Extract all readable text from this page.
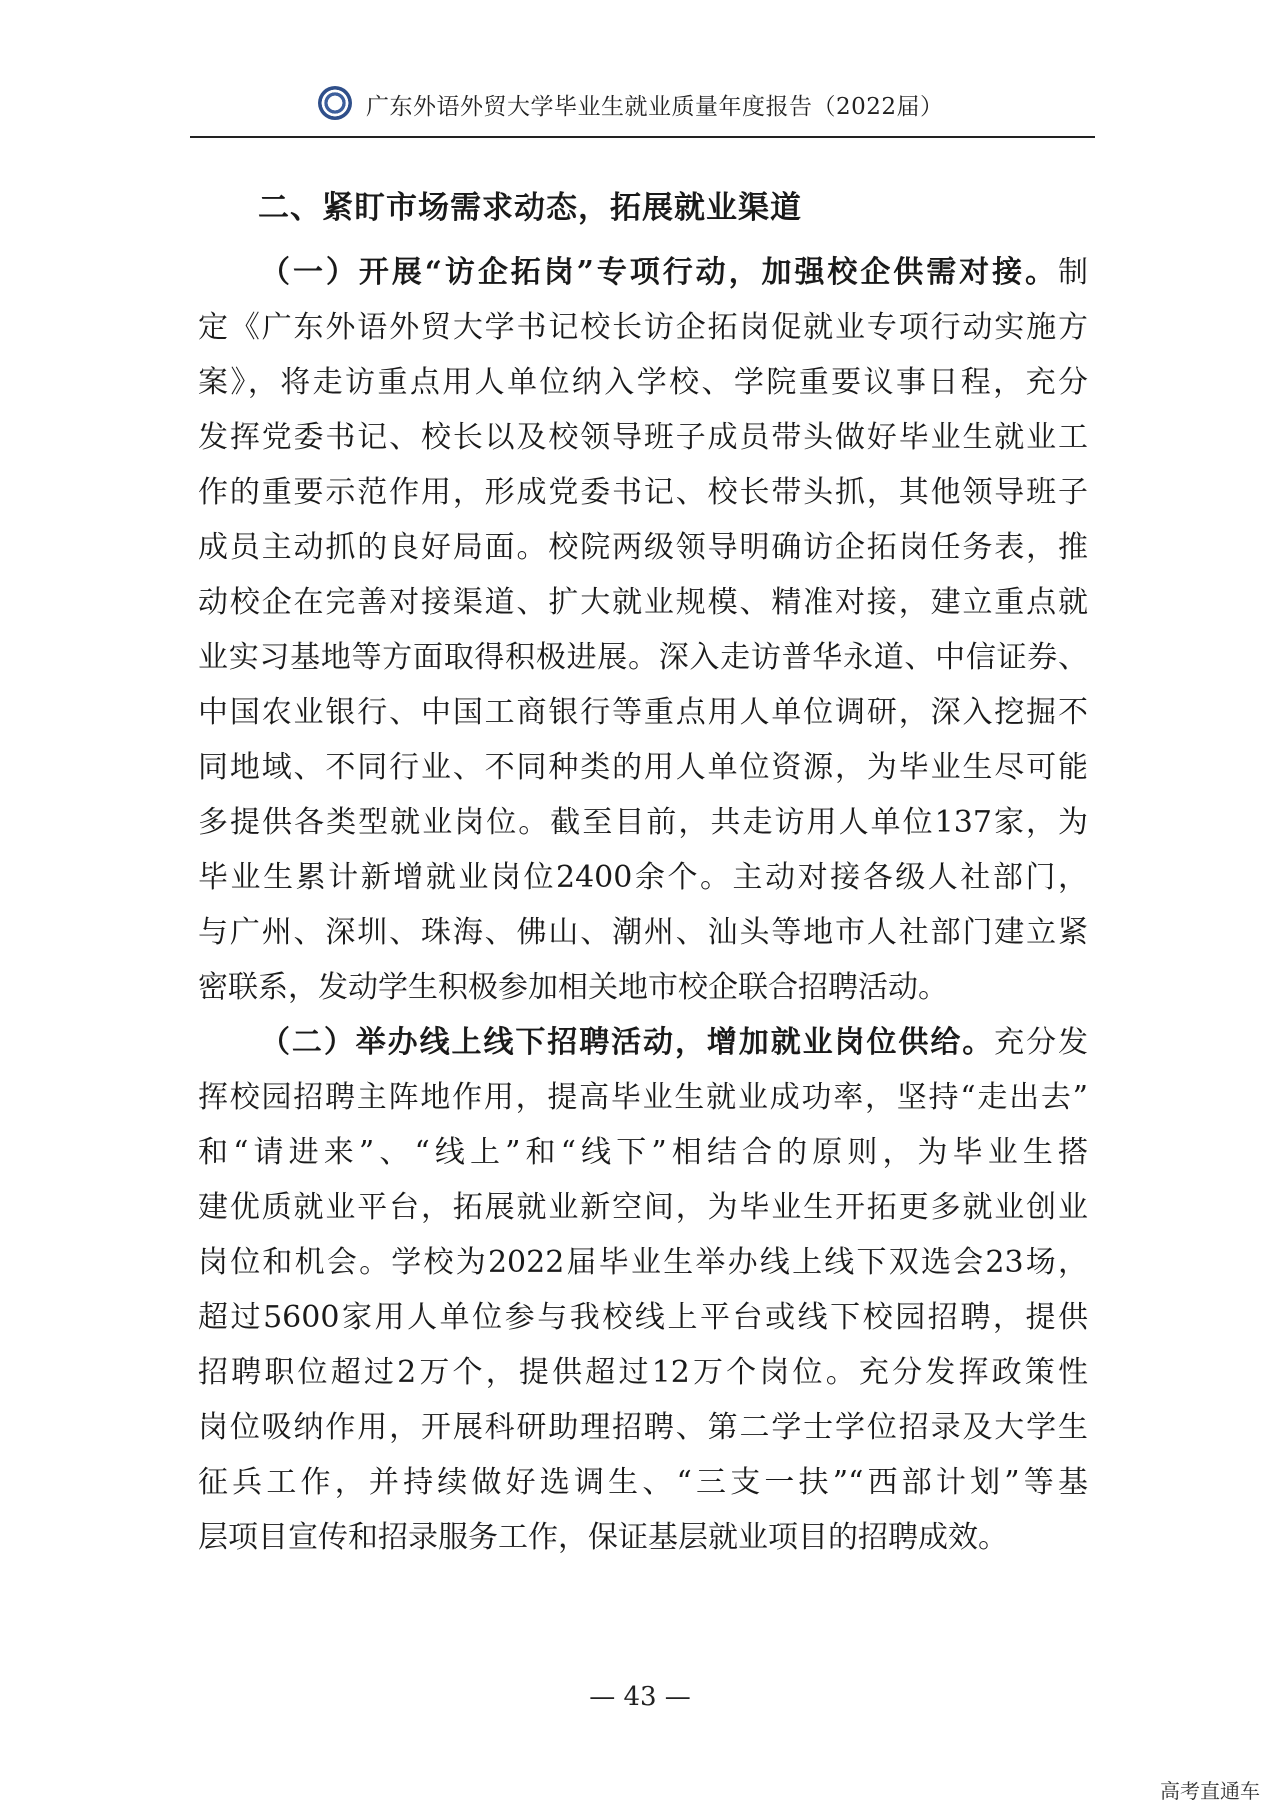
广东外语外贸大学毕业生就业质量年度报告（2022届）
二、紧盯市场需求动态，拓展就业渠道

（一）开展“访企拓岗”专项行动，加强校企供需对接。制
定《广东外语外贸大学书记校长访企拓岗促就业专项行动实施方
案》，将走访重点用人单位纳入学校、学院重要议事日程，充分
发挥党委书记、校长以及校领导班子成员带头做好毕业生就业工
作的重要示范作用，形成党委书记、校长带头抓，其他领导班子
成员主动抓的良好局面。校院两级领导明确访企拓岗任务表，推
动校企在完善对接渠道、扩大就业规模、精准对接，建立重点就
业实习基地等方面取得积极进展。深入走访普华永道、中信证券、
中国农业银行、中国工商银行等重点用人单位调研，深入挖掘不
同地域、不同行业、不同种类的用人单位资源，为毕业生尽可能
多提供各类型就业岗位。截至目前，共走访用人单位137家，为
毕业生累计新增就业岗位2400余个。主动对接各级人社部门，
与广州、深圳、珠海、佛山、潮州、汕头等地市人社部门建立紧
密联系，发动学生积极参加相关地市校企联合招聘活动。

（二）举办线上线下招聘活动，增加就业岗位供给。充分发
挥校园招聘主阵地作用，提高毕业生就业成功率，坚持“走出去”
和“请进来”、“线上”和“线下”相结合的原则，为毕业生搭
建优质就业平台，拓展就业新空间，为毕业生开拓更多就业创业
岗位和机会。学校为2022届毕业生举办线上线下双选会23场，
超过5600家用人单位参与我校线上平台或线下校园招聘，提供
招聘职位超过2万个，提供超过12万个岗位。充分发挥政策性
岗位吸纳作用，开展科研助理招聘、第二学士学位招录及大学生
征兵工作，并持续做好选调生、“三支一扶”“西部计划”等基
层项目宣传和招录服务工作，保证基层就业项目的招聘成效。

— 43 —
高考直通车
